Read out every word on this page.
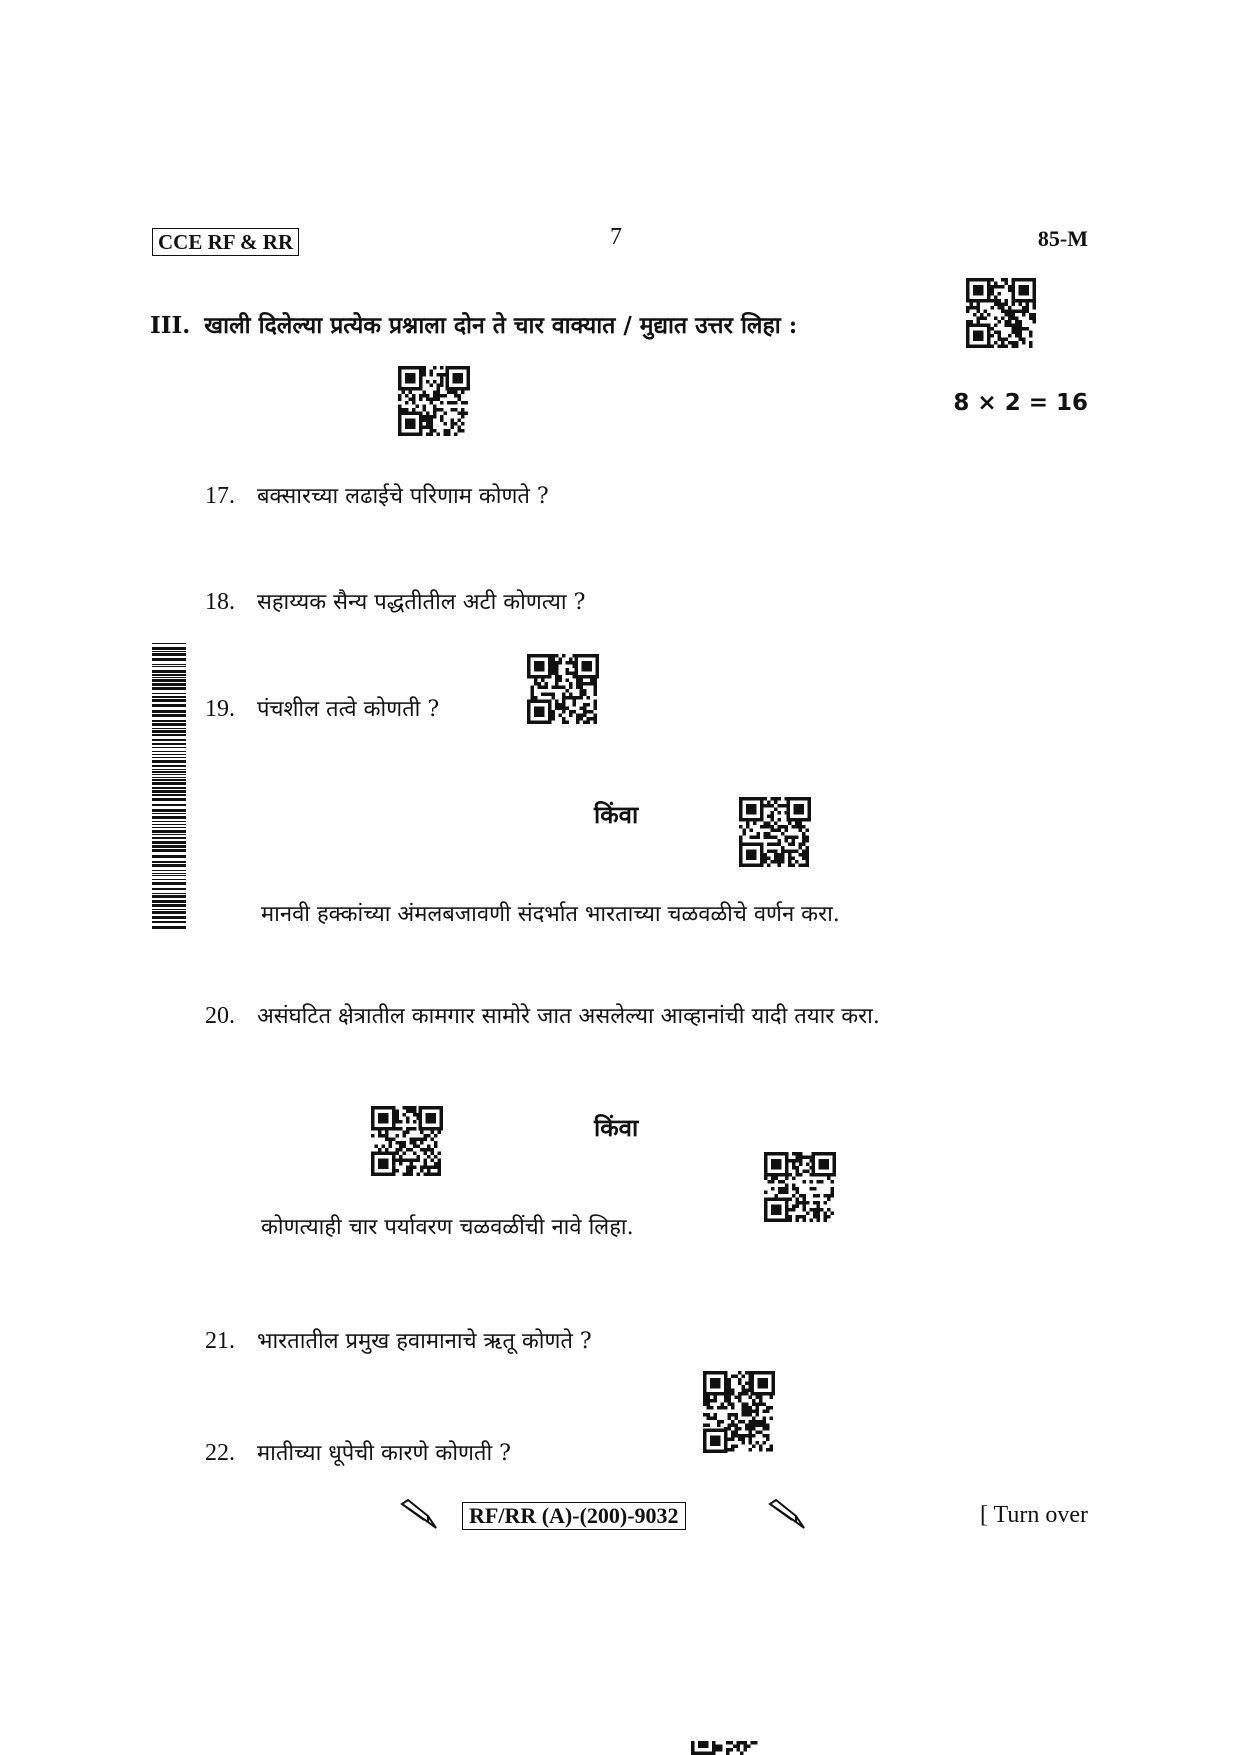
CCE RF & RR	7	85-M
III. खाली दिलेल्या प्रत्येक प्रश्नाला दोन ते चार वाक्यात / मुद्यात उत्तर लिहा :
8 × 2 = 16
17. बक्सारच्या लढाईचे परिणाम कोणते ?
18. सहाय्यक सैन्य पद्धतीतील अटी कोणत्या ?
19. पंचशील तत्वे कोणती ?
किंवा
मानवी हक्कांच्या अंमलबजावणी संदर्भात भारताच्या चळवळीचे वर्णन करा.
20. असंघटित क्षेत्रातील कामगार सामोरे जात असलेल्या आव्हानांची यादी तयार करा.
किंवा
कोणत्याही चार पर्यावरण चळवळींची नावे लिहा.
21. भारतातील प्रमुख हवामानाचे ऋतू कोणते ?
22. मातीच्या धूपेची कारणे कोणती ?
RF/RR (A)-(200)-9032	[ Turn over
